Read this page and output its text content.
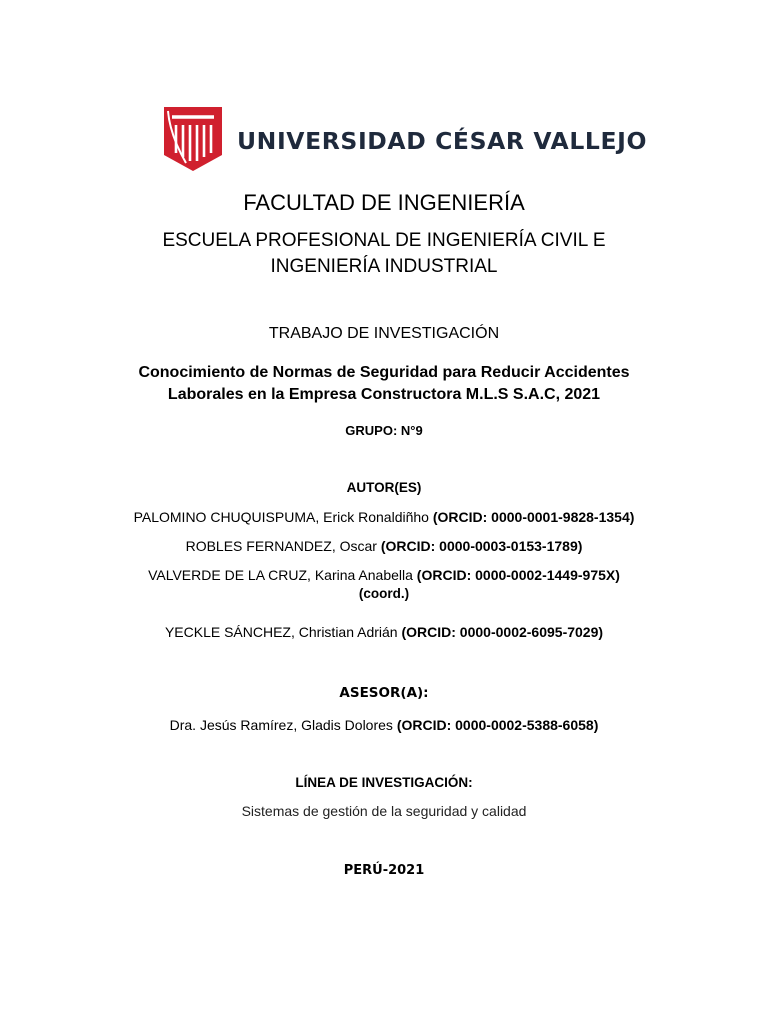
UNIVERSIDAD CÉSAR VALLEJO
FACULTAD DE INGENIERÍA
ESCUELA PROFESIONAL DE INGENIERÍA CIVIL E
INGENIERÍA INDUSTRIAL
TRABAJO DE INVESTIGACIÓN
Conocimiento de Normas de Seguridad para Reducir Accidentes
Laborales en la Empresa Constructora M.L.S S.A.C, 2021
GRUPO: N°9
AUTOR(ES)
PALOMINO CHUQUISPUMA, Erick Ronaldiñho (ORCID: 0000-0001-9828-1354)
ROBLES FERNANDEZ, Oscar (ORCID: 0000-0003-0153-1789)
VALVERDE DE LA CRUZ, Karina Anabella (ORCID: 0000-0002-1449-975X)
(coord.)
YECKLE SÁNCHEZ, Christian Adrián (ORCID: 0000-0002-6095-7029)
ASESOR(A):
Dra. Jesús Ramírez, Gladis Dolores (ORCID: 0000-0002-5388-6058)
LÍNEA DE INVESTIGACIÓN:
Sistemas de gestión de la seguridad y calidad
PERÚ-2021
